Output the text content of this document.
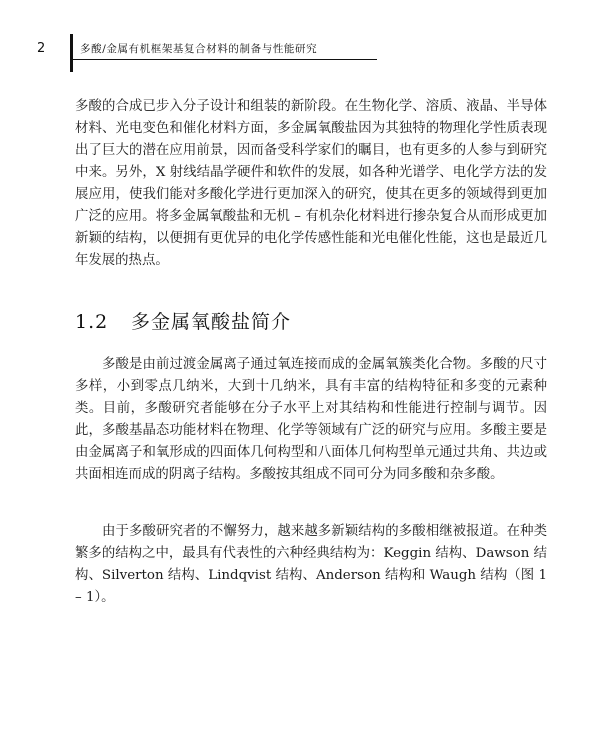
2	多酸/金属有机框架基复合材料的制备与性能研究

多酸的合成已步入分子设计和组装的新阶段。在生物化学、溶质、液晶、半导体材料、光电变色和催化材料方面，多金属氧酸盐因为其独特的物理化学性质表现出了巨大的潜在应用前景，因而备受科学家们的瞩目，也有更多的人参与到研究中来。另外，X 射线结晶学硬件和软件的发展，如各种光谱学、电化学方法的发展应用，使我们能对多酸化学进行更加深入的研究，使其在更多的领域得到更加广泛的应用。将多金属氧酸盐和无机 – 有机杂化材料进行掺杂复合从而形成更加新颖的结构，以便拥有更优异的电化学传感性能和光电催化性能，这也是最近几年发展的热点。

1.2 多金属氧酸盐简介

多酸是由前过渡金属离子通过氧连接而成的金属氧簇类化合物。多酸的尺寸多样，小到零点几纳米，大到十几纳米，具有丰富的结构特征和多变的元素种类。目前，多酸研究者能够在分子水平上对其结构和性能进行控制与调节。因此，多酸基晶态功能材料在物理、化学等领域有广泛的研究与应用。多酸主要是由金属离子和氧形成的四面体几何构型和八面体几何构型单元通过共角、共边或共面相连而成的阴离子结构。多酸按其组成不同可分为同多酸和杂多酸。

由于多酸研究者的不懈努力，越来越多新颖结构的多酸相继被报道。在种类繁多的结构之中，最具有代表性的六种经典结构为：Keggin 结构、Dawson 结构、Silverton 结构、Lindqvist 结构、Anderson 结构和 Waugh 结构（图 1 – 1）。
